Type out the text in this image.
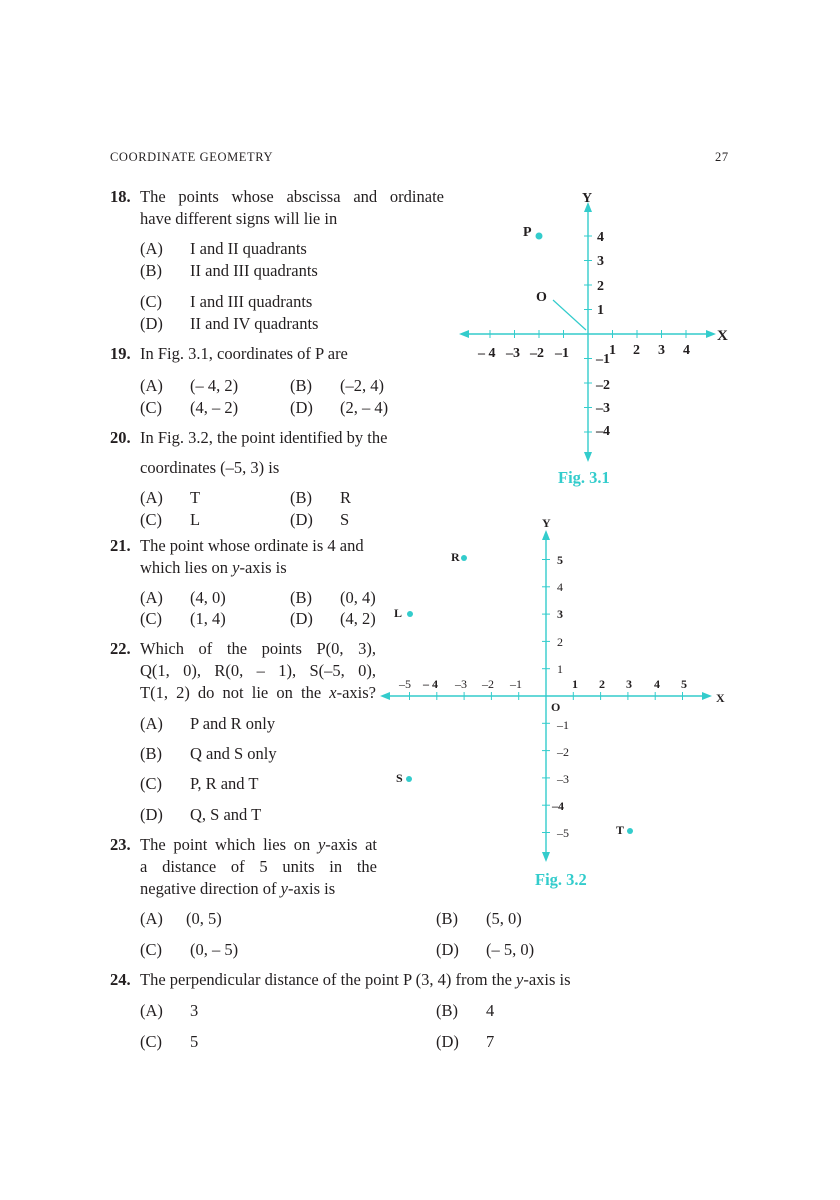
COORDINATE GEOMETRY	27
18. The points whose abscissa and ordinate
have different signs will lie in
(A) I and II quadrants
(B) II and III quadrants
(C) I and III quadrants
(D) II and IV quadrants
19. In Fig. 3.1, coordinates of P are
(A) (– 4, 2)	(B) (–2, 4)
(C) (4, – 2)	(D) (2, – 4)
20. In Fig. 3.2, the point identified by the
coordinates (–5, 3) is
(A) T	(B) R
(C) L	(D) S
21. The point whose ordinate is 4 and
which lies on y-axis is
(A) (4, 0)	(B) (0, 4)
(C) (1, 4)	(D) (4, 2)
22. Which of the points P(0, 3),
Q(1, 0), R(0, – 1), S(–5, 0),
T(1, 2) do not lie on the x-axis?
(A) P and R only
(B) Q and S only
(C) P, R and T
(D) Q, S and T
23. The point which lies on y-axis at
a distance of 5 units in the
negative direction of y-axis is
(A) (0, 5)	(B) (5, 0)
(C) (0, – 5)	(D) (– 5, 0)
24. The perpendicular distance of the point P (3, 4) from the y-axis is
(A) 3	(B) 4
(C) 5	(D) 7
Y
X
P
O
– 4 –3 –2 –1	1 2 3 4
4
3
2
1
–1
–2
–3
–4
Fig. 3.1
Y
X
O
R
L
S
T
–5 – 4 –3 –2 –1	1 2 3 4 5
5
4
3
2
1
–1
–2
–3
–4
–5
Fig. 3.2
